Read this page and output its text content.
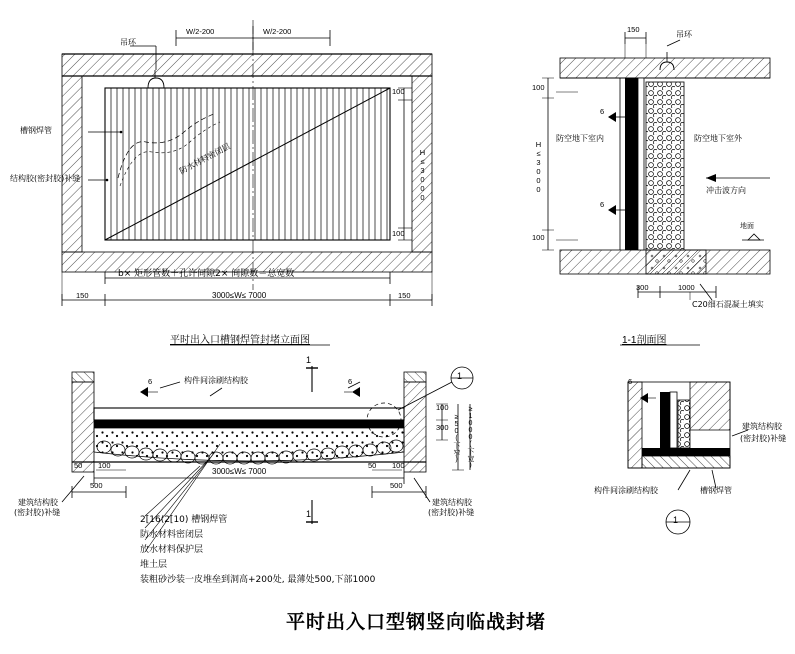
吊环
W/2-200	W/2-200
槽钢焊管
结构胶(密封胶)补缝
防水材料密闭层
100
100
H≤3000
b× 矩形管数＋孔许间隙2× 间隙数＝总宽数
3000≤W≤ 7000
150	150
平时出入口槽钢焊管封堵立面图
150
吊环
100
100
H≤3000
6
6
防空地下室内	防空地下室外
冲击波方向
地面
300	1000
C20细石混凝土填实
1-1剖面图
6	6
构件间涂刷结构胶
1
1
1
100
300 ≥50(下窄) ≥1000(下宽)
3000≤W≤ 7000
50 100	50 100
500	500
建筑结构胶
(密封胶)补缝
建筑结构胶
(密封胶)补缝
2[16(2[10) 槽钢焊管
防水材料密闭层
放水材料保护层
堆土层
装粗砂沙装一皮堆垒到洞高+200处, 最薄处500,下部1000
6
建筑结构胶
(密封胶)补缝
构件间涂刷结构胶	槽钢焊管
1
平时出入口型钢竖向临战封堵
